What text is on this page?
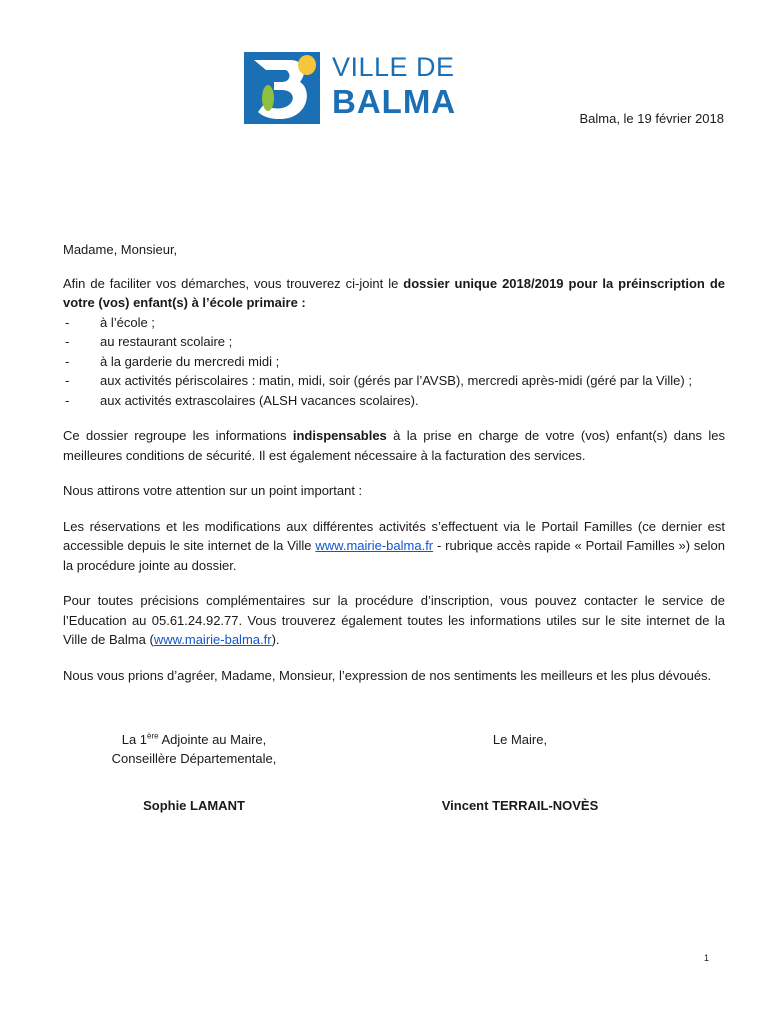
VILLE DE
BALMA	Balma, le 19 février 2018

Madame, Monsieur,

Afin de faciliter vos démarches, vous trouverez ci-joint le dossier unique 2018/2019 pour la préinscription de votre (vos) enfant(s) à l’école primaire :

- à l’école ;
- au restaurant scolaire ;
- à la garderie du mercredi midi ;
- aux activités périscolaires : matin, midi, soir (gérés par l’AVSB), mercredi après-midi (géré par la Ville) ;
- aux activités extrascolaires (ALSH vacances scolaires).

Ce dossier regroupe les informations indispensables à la prise en charge de votre (vos) enfant(s) dans les meilleures conditions de sécurité. Il est également nécessaire à la facturation des services.

Nous attirons votre attention sur un point important :

Les réservations et les modifications aux différentes activités s’effectuent via le Portail Familles (ce dernier est accessible depuis le site internet de la Ville www.mairie-balma.fr - rubrique accès rapide « Portail Familles ») selon la procédure jointe au dossier.

Pour toutes précisions complémentaires sur la procédure d’inscription, vous pouvez contacter le service de l’Education au 05.61.24.92.77. Vous trouverez également toutes les informations utiles sur le site internet de la Ville de Balma (www.mairie-balma.fr).

Nous vous prions d’agréer, Madame, Monsieur, l’expression de nos sentiments les meilleurs et les plus dévoués.

La 1ère Adjointe au Maire,
Conseillère Départementale,
Sophie LAMANT
Le Maire,
Vincent TERRAIL-NOVÈS
1
